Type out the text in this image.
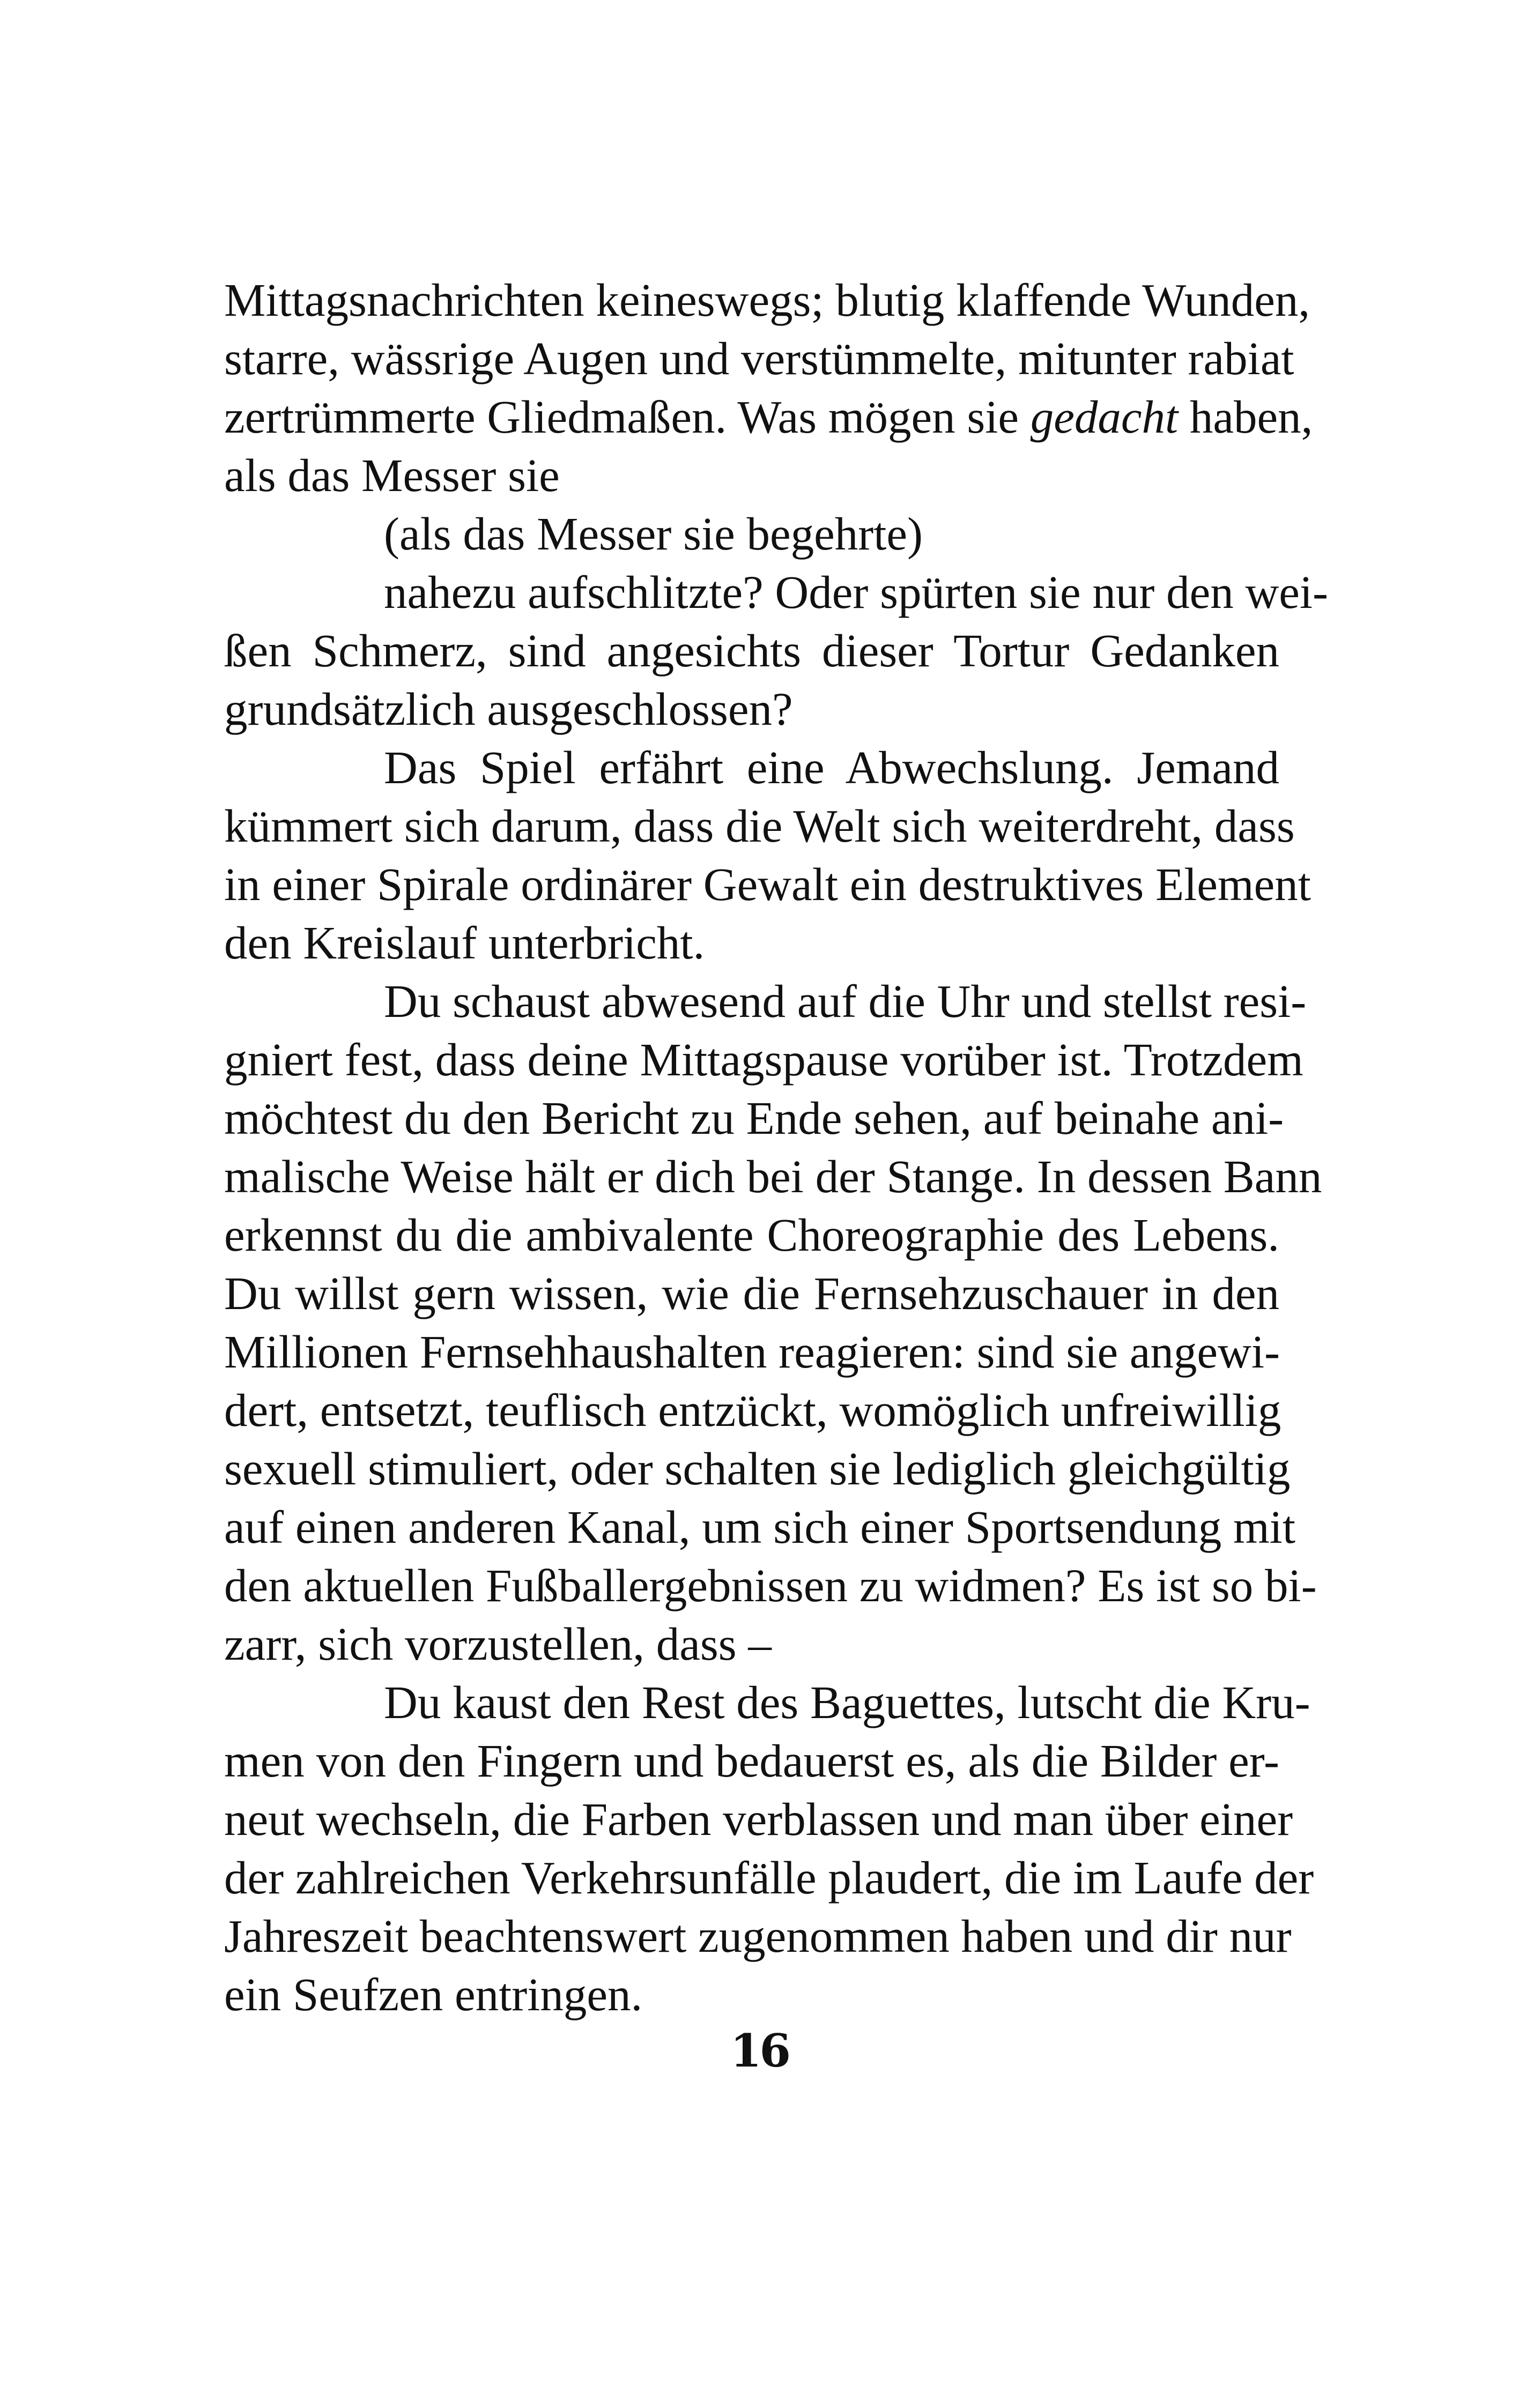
Mittagsnachrichten keineswegs; blutig klaffende Wunden,
starre, wässrige Augen und verstümmelte, mitunter rabiat
zertrümmerte Gliedmaßen. Was mögen sie gedacht haben,
als das Messer sie
(als das Messer sie begehrte)
nahezu aufschlitzte? Oder spürten sie nur den wei-
ßen Schmerz, sind angesichts dieser Tortur Gedanken
grundsätzlich ausgeschlossen?
Das Spiel erfährt eine Abwechslung. Jemand
kümmert sich darum, dass die Welt sich weiterdreht, dass
in einer Spirale ordinärer Gewalt ein destruktives Element
den Kreislauf unterbricht.
Du schaust abwesend auf die Uhr und stellst resi-
gniert fest, dass deine Mittagspause vorüber ist. Trotzdem
möchtest du den Bericht zu Ende sehen, auf beinahe ani-
malische Weise hält er dich bei der Stange. In dessen Bann
erkennst du die ambivalente Choreographie des Lebens.
Du willst gern wissen, wie die Fernsehzuschauer in den
Millionen Fernsehhaushalten reagieren: sind sie angewi-
dert, entsetzt, teuflisch entzückt, womöglich unfreiwillig
sexuell stimuliert, oder schalten sie lediglich gleichgültig
auf einen anderen Kanal, um sich einer Sportsendung mit
den aktuellen Fußballergebnissen zu widmen? Es ist so bi-
zarr, sich vorzustellen, dass –
Du kaust den Rest des Baguettes, lutscht die Kru-
men von den Fingern und bedauerst es, als die Bilder er-
neut wechseln, die Farben verblassen und man über einer
der zahlreichen Verkehrsunfälle plaudert, die im Laufe der
Jahreszeit beachtenswert zugenommen haben und dir nur
ein Seufzen entringen.
16
